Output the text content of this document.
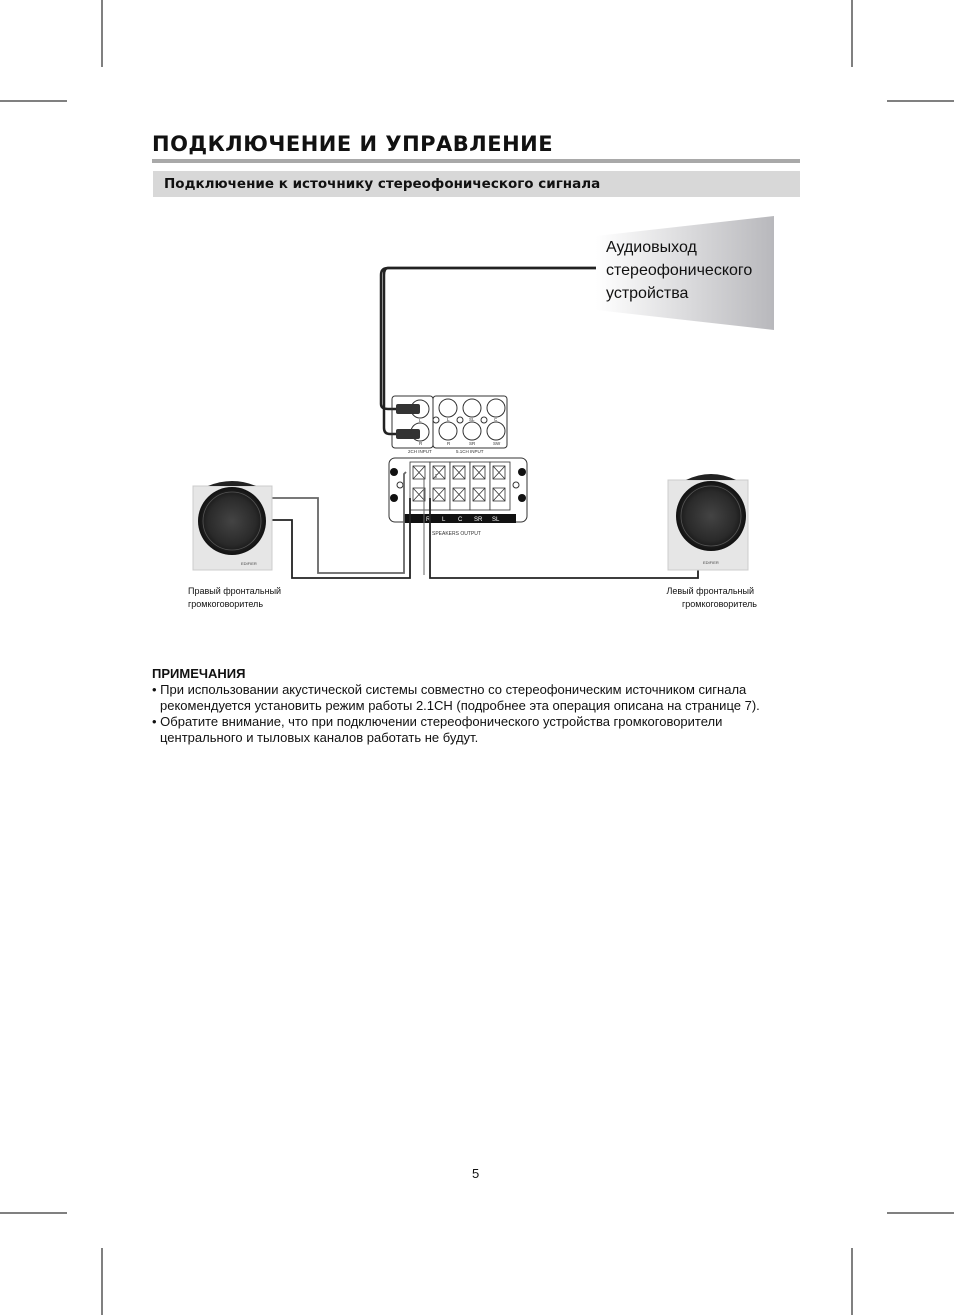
ПОДКЛЮЧЕНИЕ И УПРАВЛЕНИЕ
Подключение к источнику стереофонического сигнала
L
R
L	SL	C
R	SR	SW
2CH INPUT	5.1CH INPUT
R L C SR SL
SPEAKERS OUTPUT
EDIFIER	EDIFIER
Правый фронтальный
громкоговоритель
Левый фронтальный
громкоговоритель
Аудиовыход
стереофонического
устройства
ПРИМЕЧАНИЯ
• При использовании акустической системы совместно со стереофоническим источником сигнала рекомендуется установить режим работы 2.1CH (подробнее эта операция описана на странице 7).
• Обратите внимание, что при подключении стереофонического устройства громкоговорители центрального и тыловых каналов работать не будут.
5
